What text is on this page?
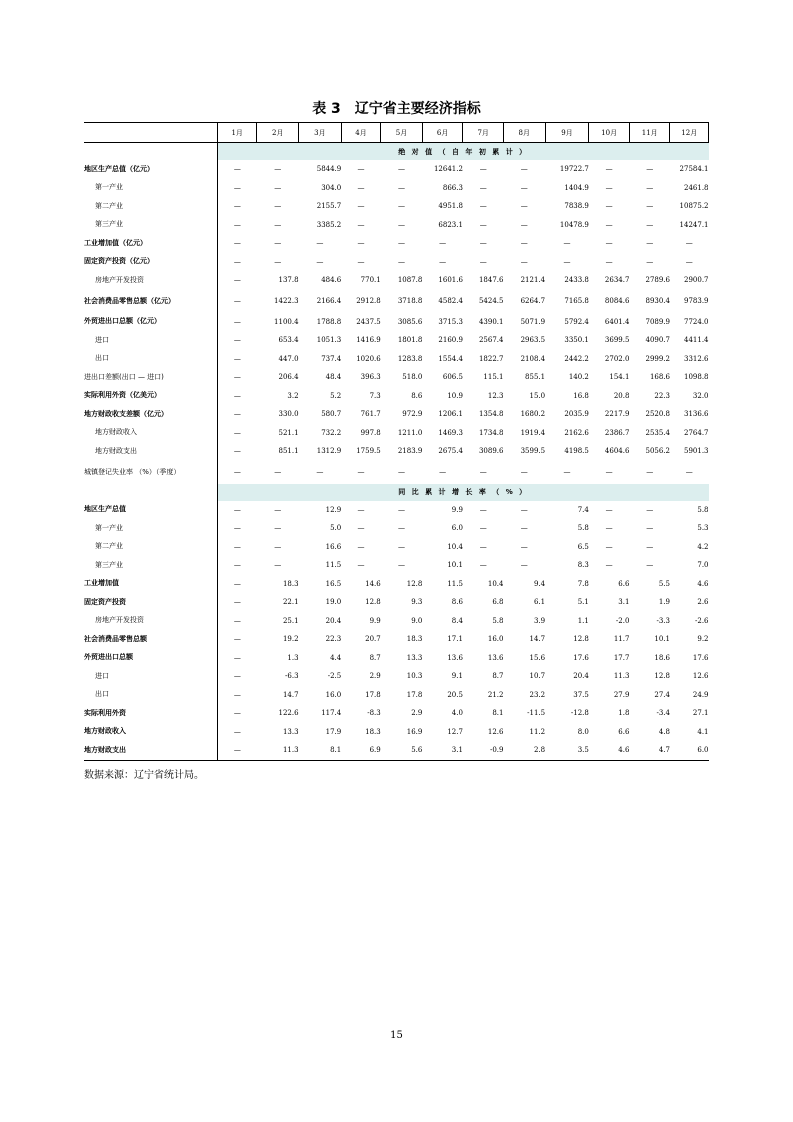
表 3　辽宁省主要经济指标
	1月	2月	3月	4月	5月	6月	7月	8月	9月	10月	11月	12月
	绝 对 值 （ 自 年 初 累 计 ）											
地区生产总值（亿元）	—	—	5844.9	—	—	12641.2	—	—	19722.7	—	—	27584.1
第一产业	—	—	304.0	—	—	866.3	—	—	1404.9	—	—	2461.8
第二产业	—	—	2155.7	—	—	4951.8	—	—	7838.9	—	—	10875.2
第三产业	—	—	3385.2	—	—	6823.1	—	—	10478.9	—	—	14247.1
工业增加值（亿元）	—	—	—	—	—	—	—	—	—	—	—	—
固定资产投资（亿元）	—	—	—	—	—	—	—	—	—	—	—	—
房地产开发投资	—	137.8	484.6	770.1	1087.8	1601.6	1847.6	2121.4	2433.8	2634.7	2789.6	2900.7
社会消费品零售总额（亿元）	—	1422.3	2166.4	2912.8	3718.8	4582.4	5424.5	6264.7	7165.8	8084.6	8930.4	9783.9
外贸进出口总额（亿元）	—	1100.4	1788.8	2437.5	3085.6	3715.3	4390.1	5071.9	5792.4	6401.4	7089.9	7724.0
进口	—	653.4	1051.3	1416.9	1801.8	2160.9	2567.4	2963.5	3350.1	3699.5	4090.7	4411.4
出口	—	447.0	737.4	1020.6	1283.8	1554.4	1822.7	2108.4	2442.2	2702.0	2999.2	3312.6
进出口差额(出口 — 进口)	—	206.4	48.4	396.3	518.0	606.5	115.1	855.1	140.2	154.1	168.6	1098.8
实际利用外资（亿美元）	—	3.2	5.2	7.3	8.6	10.9	12.3	15.0	16.8	20.8	22.3	32.0
地方财政收支差额（亿元）	—	330.0	580.7	761.7	972.9	1206.1	1354.8	1680.2	2035.9	2217.9	2520.8	3136.6
地方财政收入	—	521.1	732.2	997.8	1211.0	1469.3	1734.8	1919.4	2162.6	2386.7	2535.4	2764.7
地方财政支出	—	851.1	1312.9	1759.5	2183.9	2675.4	3089.6	3599.5	4198.5	4604.6	5056.2	5901.3
城镇登记失业率 （%）（季度）	—	—	—	—	—	—	—	—	—	—	—	—
	同 比 累 计 增 长 率 （ % ）											
地区生产总值	—	—	12.9	—	—	9.9	—	—	7.4	—	—	5.8
第一产业	—	—	5.0	—	—	6.0	—	—	5.8	—	—	5.3
第二产业	—	—	16.6	—	—	10.4	—	—	6.5	—	—	4.2
第三产业	—	—	11.5	—	—	10.1	—	—	8.3	—	—	7.0
工业增加值	—	18.3	16.5	14.6	12.8	11.5	10.4	9.4	7.8	6.6	5.5	4.6
固定资产投资	—	22.1	19.0	12.8	9.3	8.6	6.8	6.1	5.1	3.1	1.9	2.6
房地产开发投资	—	25.1	20.4	9.9	9.0	8.4	5.8	3.9	1.1	-2.0	-3.3	-2.6
社会消费品零售总额	—	19.2	22.3	20.7	18.3	17.1	16.0	14.7	12.8	11.7	10.1	9.2
外贸进出口总额	—	1.3	4.4	8.7	13.3	13.6	13.6	15.6	17.6	17.7	18.6	17.6
进口	—	-6.3	-2.5	2.9	10.3	9.1	8.7	10.7	20.4	11.3	12.8	12.6
出口	—	14.7	16.0	17.8	17.8	20.5	21.2	23.2	37.5	27.9	27.4	24.9
实际利用外资	—	122.6	117.4	-8.3	2.9	4.0	8.1	-11.5	-12.8	1.8	-3.4	27.1
地方财政收入	—	13.3	17.9	18.3	16.9	12.7	12.6	11.2	8.0	6.6	4.8	4.1
地方财政支出	—	11.3	8.1	6.9	5.6	3.1	-0.9	2.8	3.5	4.6	4.7	6.0
数据来源：辽宁省统计局。
15
